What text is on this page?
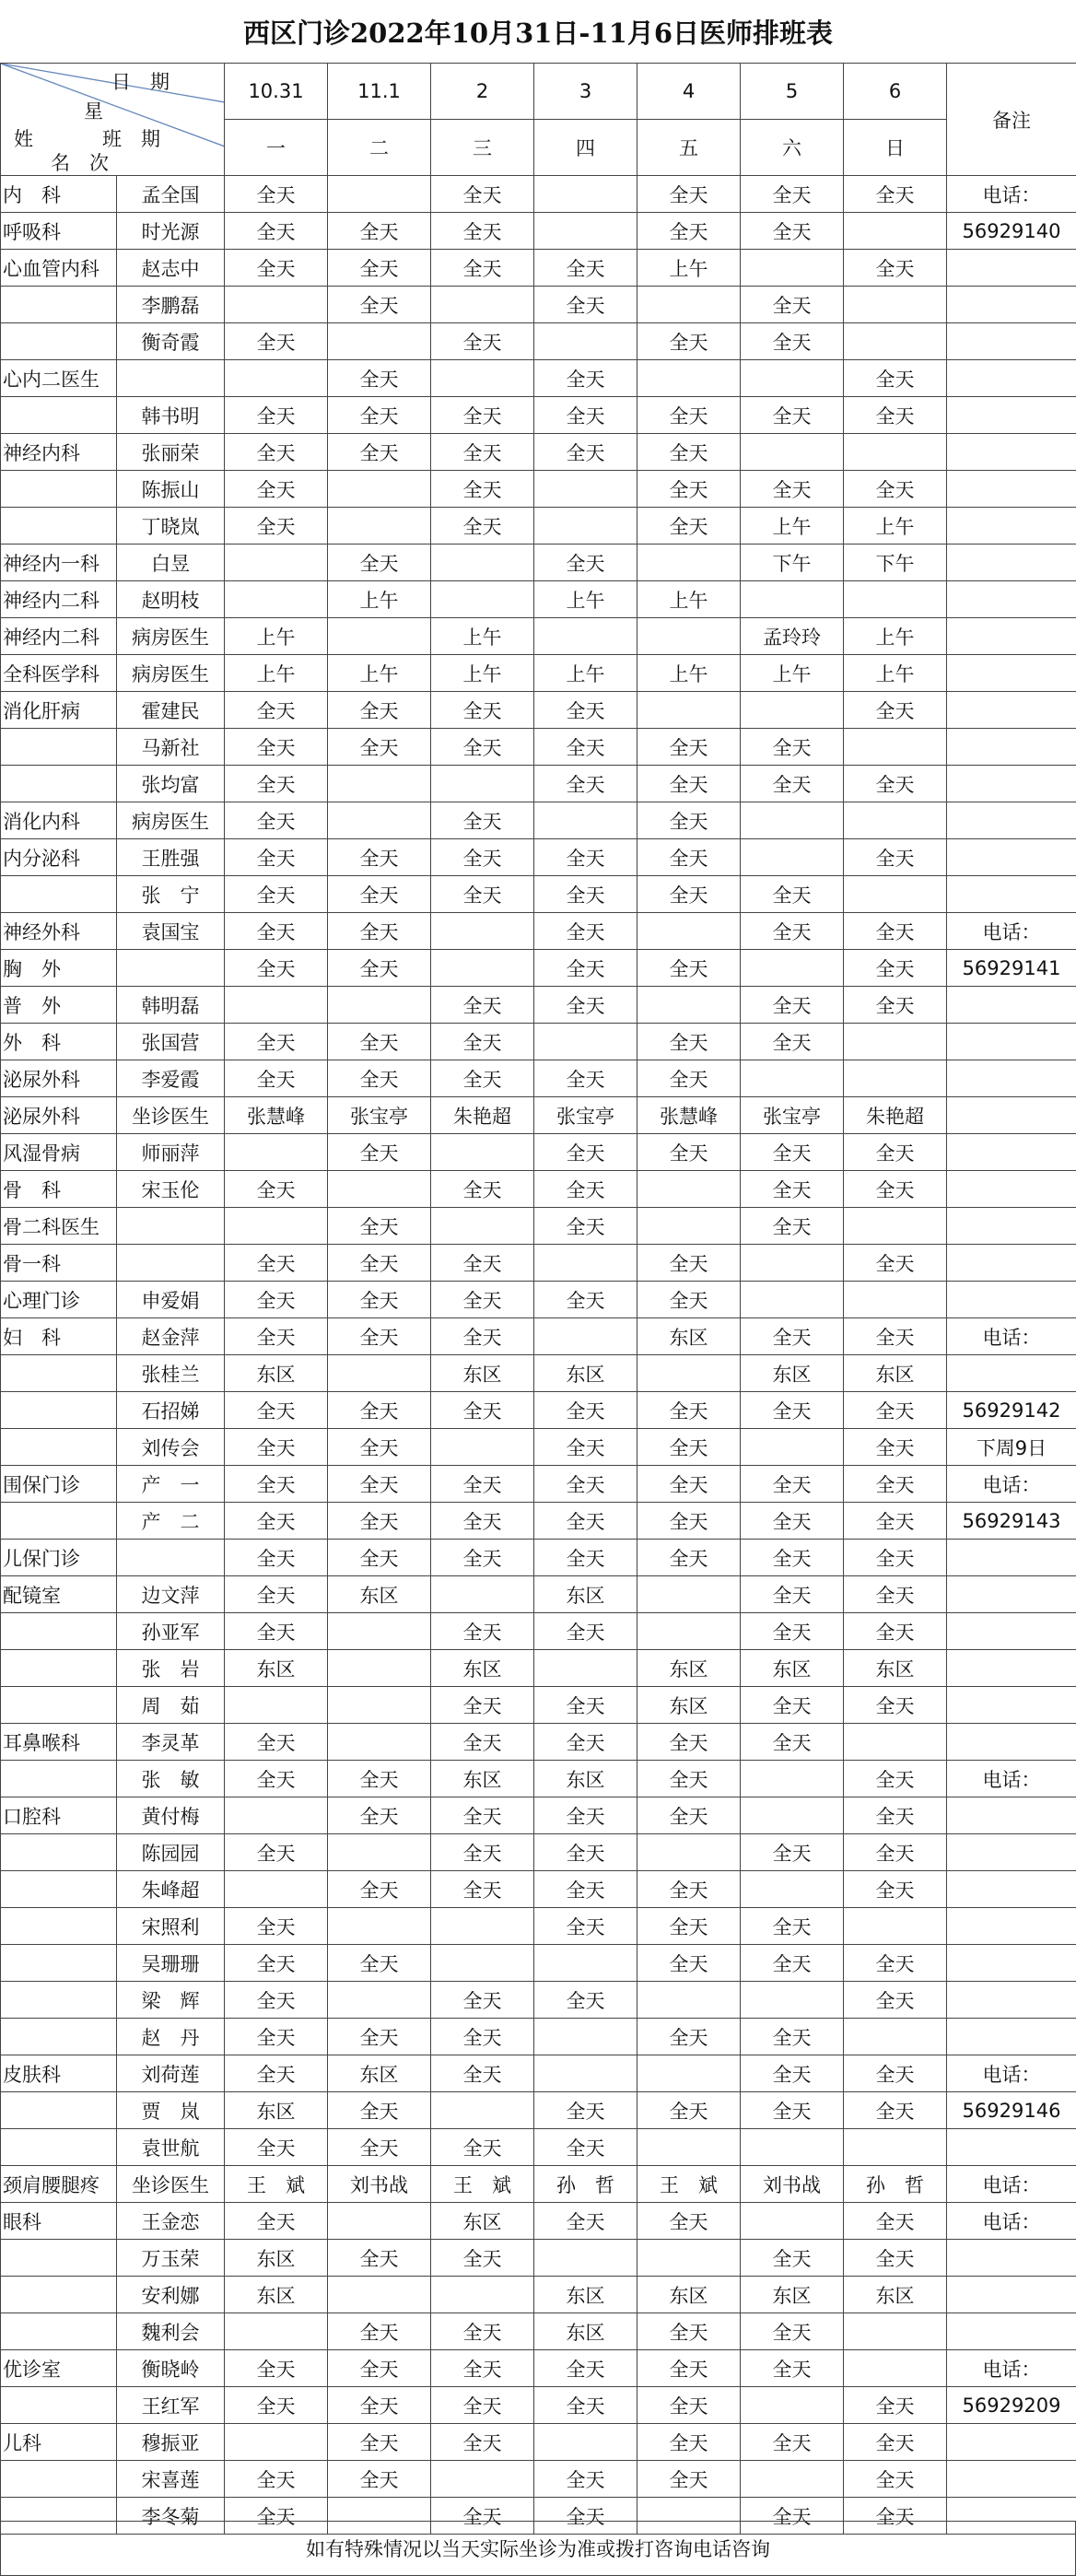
西区门诊2022年10月31日-11月6日医师排班表
日　期
星
班　期
姓
名　次		10.31	11.1	2	3	4	5	6	备注
		一	二	三	四	五	六	日	
内　科	孟全国	全天		全天		全天	全天	全天	电话：
呼吸科	时光源	全天	全天	全天		全天	全天		56929140
心血管内科	赵志中	全天	全天	全天	全天	上午		全天	
	李鹏磊		全天		全天		全天		
	衡奇霞	全天		全天		全天	全天		
心内二医生			全天		全天			全天	
	韩书明	全天	全天	全天	全天	全天	全天	全天	
神经内科	张丽荣	全天	全天	全天	全天	全天			
	陈振山	全天		全天		全天	全天	全天	
	丁晓岚	全天		全天		全天	上午	上午	
神经内一科	白昱		全天		全天		下午	下午	
神经内二科	赵明枝		上午		上午	上午			
神经内二科	病房医生	上午		上午			孟玲玲	上午	
全科医学科	病房医生	上午	上午	上午	上午	上午	上午	上午	
消化肝病	霍建民	全天	全天	全天	全天			全天	
	马新社	全天	全天	全天	全天	全天	全天		
	张均富	全天			全天	全天	全天	全天	
消化内科	病房医生	全天		全天		全天			
内分泌科	王胜强	全天	全天	全天	全天	全天		全天	
	张　宁	全天	全天	全天	全天	全天	全天		
神经外科	袁国宝	全天	全天		全天		全天	全天	电话：
胸　外		全天	全天		全天	全天		全天	56929141
普　外	韩明磊			全天	全天		全天	全天	
外　科	张国营	全天	全天	全天		全天	全天		
泌尿外科	李爱霞	全天	全天	全天	全天	全天			
泌尿外科	坐诊医生	张慧峰	张宝亭	朱艳超	张宝亭	张慧峰	张宝亭	朱艳超	
风湿骨病	师丽萍		全天		全天	全天	全天	全天	
骨　科	宋玉伦	全天		全天	全天		全天	全天	
骨二科医生			全天		全天		全天		
骨一科		全天	全天	全天		全天		全天	
心理门诊	申爱娟	全天	全天	全天	全天	全天			
妇　科	赵金萍	全天	全天	全天		东区	全天	全天	电话：
	张桂兰	东区		东区	东区		东区	东区	
	石招娣	全天	全天	全天	全天	全天	全天	全天	56929142
	刘传会	全天	全天		全天	全天		全天	下周9日
围保门诊	产　一	全天	全天	全天	全天	全天	全天	全天	电话：
	产　二	全天	全天	全天	全天	全天	全天	全天	56929143
儿保门诊		全天	全天	全天	全天	全天	全天	全天	
配镜室	边文萍	全天	东区		东区		全天	全天	
	孙亚军	全天		全天	全天		全天	全天	
	张　岩	东区		东区		东区	东区	东区	
	周　茹			全天	全天	东区	全天	全天	
耳鼻喉科	李灵革	全天		全天	全天	全天	全天		
	张　敏	全天	全天	东区	东区	全天		全天	电话：
口腔科	黄付梅		全天	全天	全天	全天		全天	
	陈园园	全天		全天	全天		全天	全天	
	朱峰超		全天	全天	全天	全天		全天	
	宋照利	全天			全天	全天	全天		
	吴珊珊	全天	全天			全天	全天	全天	
	梁　辉	全天		全天	全天			全天	
	赵　丹	全天	全天	全天		全天	全天		
皮肤科	刘荷莲	全天	东区	全天			全天	全天	电话：
	贾　岚	东区	全天		全天	全天	全天	全天	56929146
	袁世航	全天	全天	全天	全天				
颈肩腰腿疼	坐诊医生	王　斌	刘书战	王　斌	孙　哲	王　斌	刘书战	孙　哲	电话：
眼科	王金恋	全天		东区	全天	全天		全天	电话：
	万玉荣	东区	全天	全天			全天	全天	
	安利娜	东区			东区	东区	东区	东区	
	魏利会		全天	全天	东区	全天	全天		
优诊室	衡晓岭	全天	全天	全天	全天	全天	全天		电话：
	王红军	全天	全天	全天	全天	全天		全天	56929209
儿科	穆振亚		全天	全天		全天	全天	全天	
	宋喜莲	全天	全天		全天	全天		全天	
	李冬菊	全天		全天	全天		全天	全天	
如有特殊情况以当天实际坐诊为准或拨打咨询电话咨询
